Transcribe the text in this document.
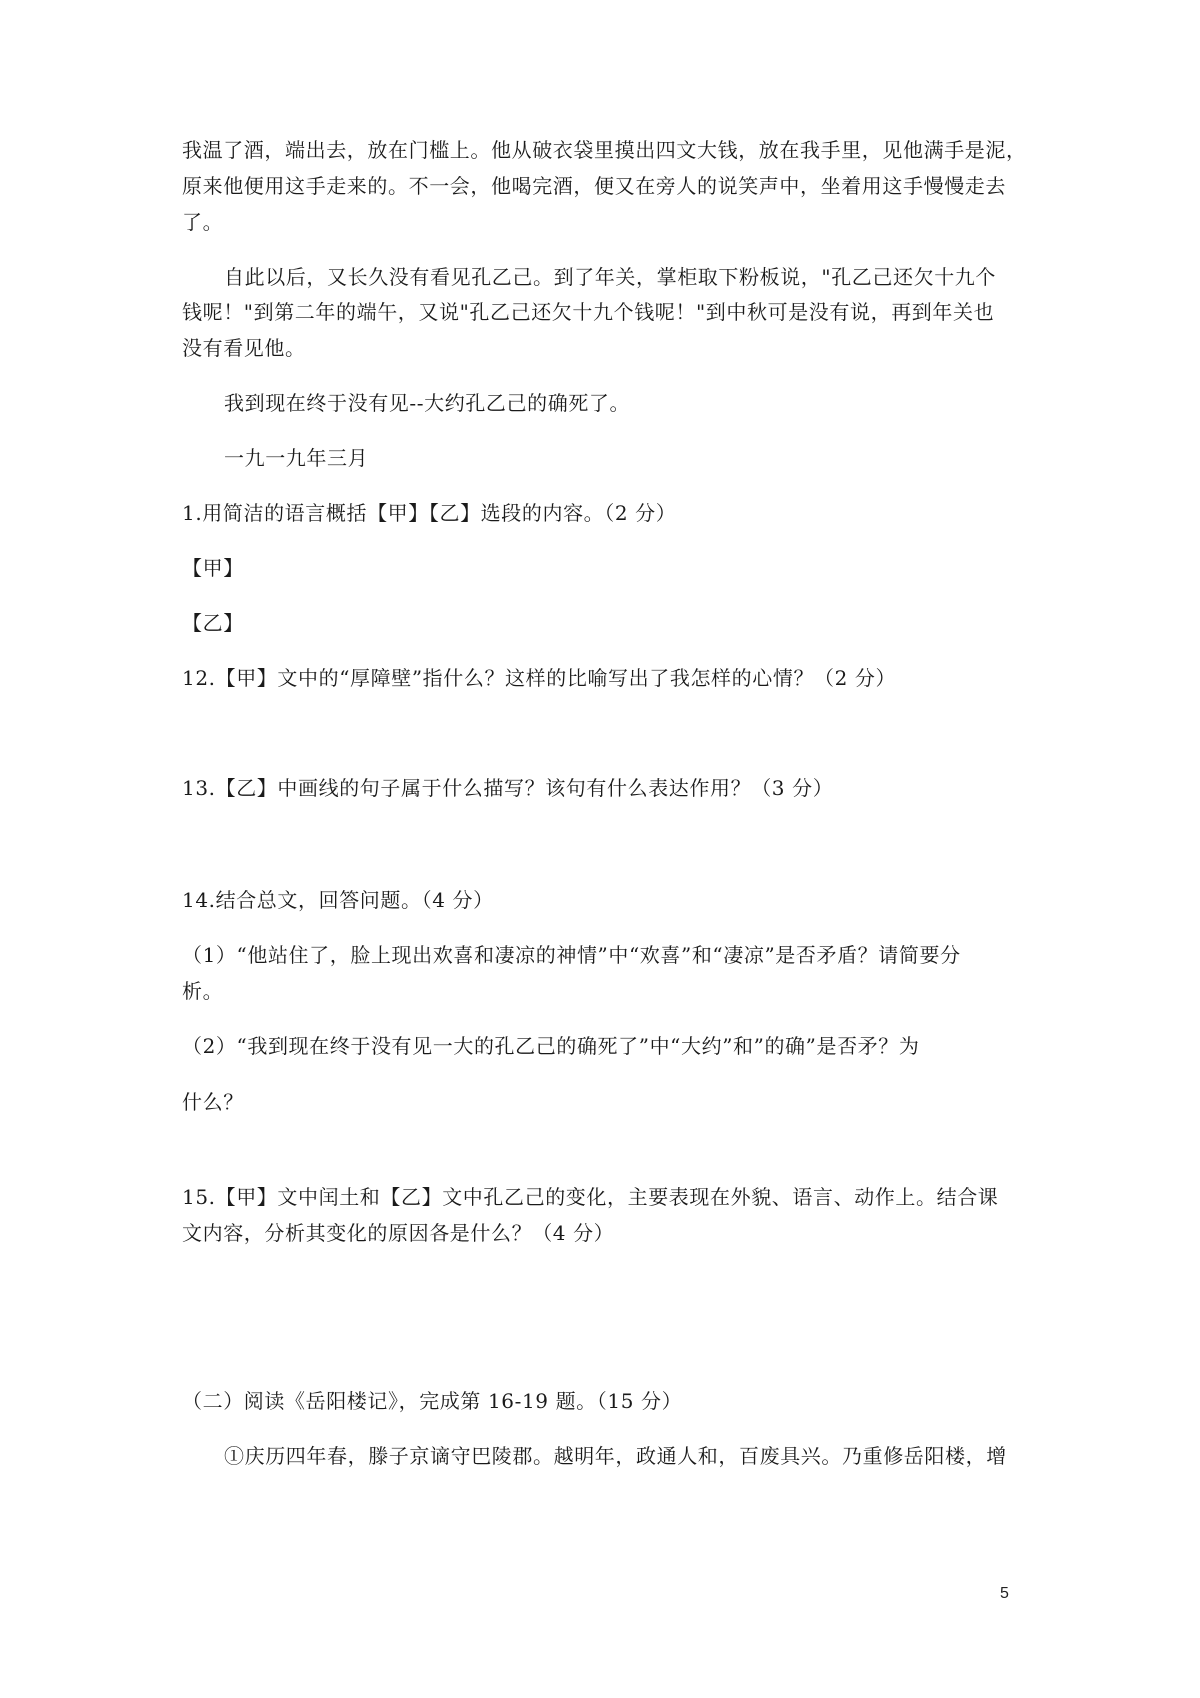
我温了酒，端出去，放在门槛上。他从破衣袋里摸出四文大钱，放在我手里，见他满手是泥，
原来他便用这手走来的。不一会，他喝完酒，便又在旁人的说笑声中，坐着用这手慢慢走去
了。
自此以后，又长久没有看见孔乙己。到了年关，掌柜取下粉板说，"孔乙己还欠十九个
钱呢！"到第二年的端午，又说"孔乙己还欠十九个钱呢！"到中秋可是没有说，再到年关也
没有看见他。
我到现在终于没有见--大约孔乙己的确死了。
一九一九年三月
1.用简洁的语言概括【甲】【乙】选段的内容。（2 分）
【甲】
【乙】
12.【甲】文中的“厚障壁”指什么？这样的比喻写出了我怎样的心情？（2 分）
13.【乙】中画线的句子属于什么描写？该句有什么表达作用？（3 分）
14.结合总文，回答问题。（4 分）
（1）“他站住了，脸上现出欢喜和凄凉的神情”中“欢喜”和“凄凉”是否矛盾？请简要分
析。
（2）“我到现在终于没有见一大的孔乙己的确死了”中“大约”和”的确”是否矛？为
什么？
15.【甲】文中闰土和【乙】文中孔乙己的变化，主要表现在外貌、语言、动作上。结合课
文内容，分析其变化的原因各是什么？（4 分）
（二）阅读《岳阳楼记》，完成第 16-19 题。（15 分）
①庆历四年春，滕子京谪守巴陵郡。越明年，政通人和，百废具兴。乃重修岳阳楼，增
5
